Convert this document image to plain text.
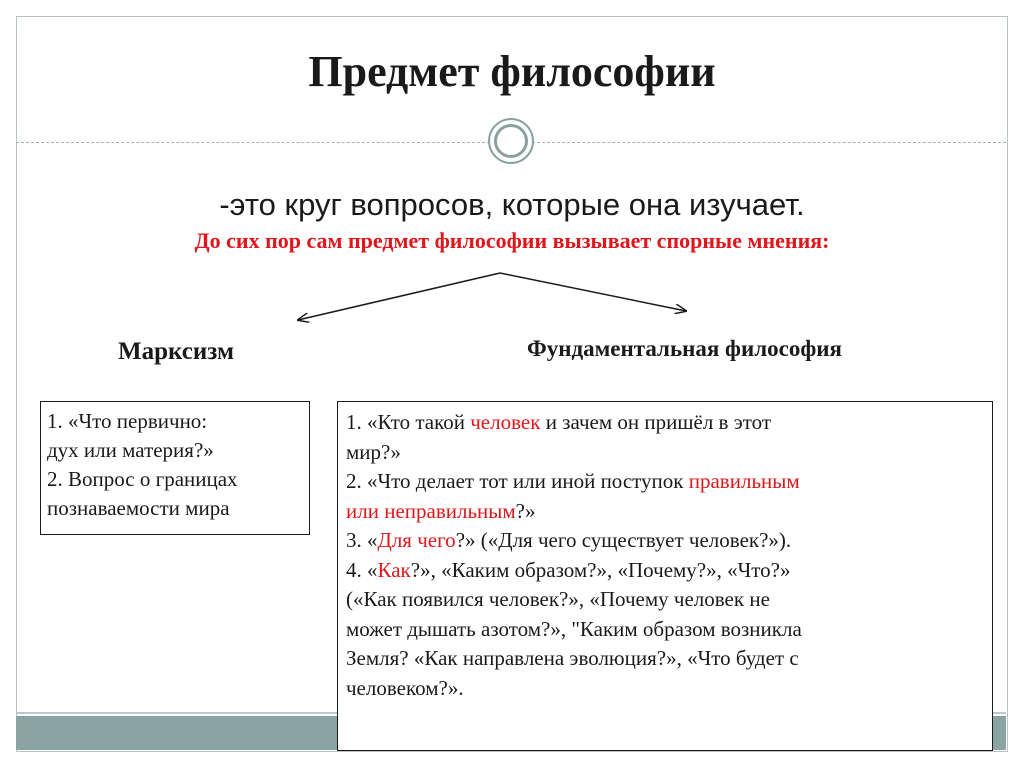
Предмет философии
-это круг вопросов, которые она изучает.
До сих пор сам предмет философии вызывает спорные мнения:
Марксизм	Фундаментальная философия
1. «Что первично:
дух или материя?»
2. Вопрос о границах
познаваемости мира
1. «Кто такой человек и зачем он пришёл в этот
мир?»
2. «Что делает тот или иной поступок правильным
или неправильным?»
3. «Для чего?» («Для чего существует человек?»).
4. «Как?», «Каким образом?», «Почему?», «Что?»
(«Как появился человек?», «Почему человек не
может дышать азотом?», "Каким образом возникла
Земля? «Как направлена эволюция?», «Что будет с
человеком?».
